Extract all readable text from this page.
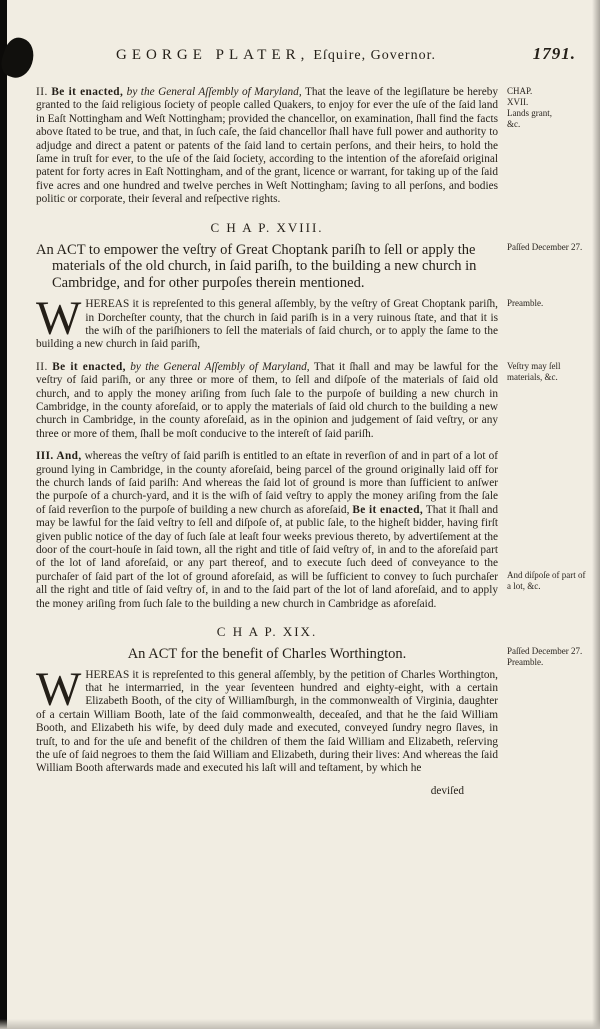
GEORGE PLATER, Eſquire, Governor.	1791.

II. Be it enacted, by the General Aſſembly of Maryland, That the leave of the legiſlature be hereby granted to the ſaid religious ſociety of people called Quakers, to enjoy for ever the uſe of the ſaid land in Eaſt Nottingham and Weſt Nottingham; provided the chancellor, on examination, ſhall find the facts above ſtated to be true, and that, in ſuch caſe, the ſaid chancellor ſhall have full power and authority to adjudge and direct a patent or patents of the ſaid land to certain perſons, and their heirs, to hold the ſame in truſt for ever, to the uſe of the ſaid ſociety, according to the intention of the aforeſaid original patent for forty acres in Eaſt Nottingham, and of the grant, licence or warrant, for taking up of the ſaid five acres and one hundred and twelve perches in Weſt Nottingham; ſaving to all perſons, and bodies politic or corporate, their ſeveral and reſpective rights.

CHAP.
XVII.
Lands grant,
&c.
C H A P. XVIII.

An ACT to empower the veſtry of Great Choptank pariſh to ſell or apply the materials of the old church, in ſaid pariſh, to the building a new church in Cambridge, and for other purpoſes therein mentioned.

Paſſed December 27.

WHEREAS it is repreſented to this general aſſembly, by the veſtry of Great Choptank pariſh, in Dorcheſter county, that the church in ſaid pariſh is in a very ruinous ſtate, and that it is the wiſh of the pariſhioners to ſell the materials of ſaid church, or to apply the ſame to the building a new church in ſaid pariſh,

Preamble.

II. Be it enacted, by the General Aſſembly of Maryland, That it ſhall and may be lawful for the veſtry of ſaid pariſh, or any three or more of them, to ſell and diſpoſe of the materials of ſaid old church, and to apply the money ariſing from ſuch ſale to the purpoſe of building a new church in Cambridge, in the county aforeſaid, or to apply the materials of ſaid old church to the building a new church in Cambridge, in the county aforeſaid, as in the opinion and judgement of ſaid veſtry, or any three or more of them, ſhall be moſt conducive to the intereſt of ſaid pariſh.

Veſtry may ſell materials, &c.

III. And, whereas the veſtry of ſaid pariſh is entitled to an eſtate in reverſion of and in part of a lot of ground lying in Cambridge, in the county aforeſaid, being parcel of the ground originally laid off for the church lands of ſaid pariſh: And whereas the ſaid lot of ground is more than ſufficient to anſwer the purpoſe of a church-yard, and it is the wiſh of ſaid veſtry to apply the money ariſing from the ſale of ſaid reverſion to the purpoſe of building a new church as aforeſaid, Be it enacted, That it ſhall and may be lawful for the ſaid veſtry to ſell and diſpoſe of, at public ſale, to the higheſt bidder, having firſt given public notice of the day of ſuch ſale at leaſt four weeks previous thereto, by advertiſement at the door of the court-houſe in ſaid town, all the right and title of ſaid veſtry of, in and to the aforeſaid part of the lot of land aforeſaid, or any part thereof, and to execute ſuch deed of conveyance to the purchaſer of ſaid part of the lot of ground aforeſaid, as will be ſufficient to convey to ſuch purchaſer all the right and title of ſaid veſtry of, in and to the ſaid part of the lot of land aforeſaid, and to apply the money ariſing from ſuch ſale to the building a new church in Cambridge as aforeſaid.

And diſpoſe of part of a lot, &c.
C H A P. XIX.

An ACT for the benefit of Charles Worthington.	Paſſed December 27.
Preamble.

WHEREAS it is repreſented to this general aſſembly, by the petition of Charles Worthington, that he intermarried, in the year ſeventeen hundred and eighty-eight, with a certain Elizabeth Booth, of the city of Williamſburgh, in the commonwealth of Virginia, daughter of a certain William Booth, late of the ſaid commonwealth, deceaſed, and that he the ſaid William Booth, and Elizabeth his wife, by deed duly made and executed, conveyed ſundry negro ſlaves, in truſt, to and for the uſe and benefit of the children of them the ſaid William and Elizabeth, reſerving the uſe of ſaid negroes to them the ſaid William and Elizabeth, during their lives: And whereas the ſaid William Booth afterwards made and executed his laſt will and teſtament, by which he

deviſed
